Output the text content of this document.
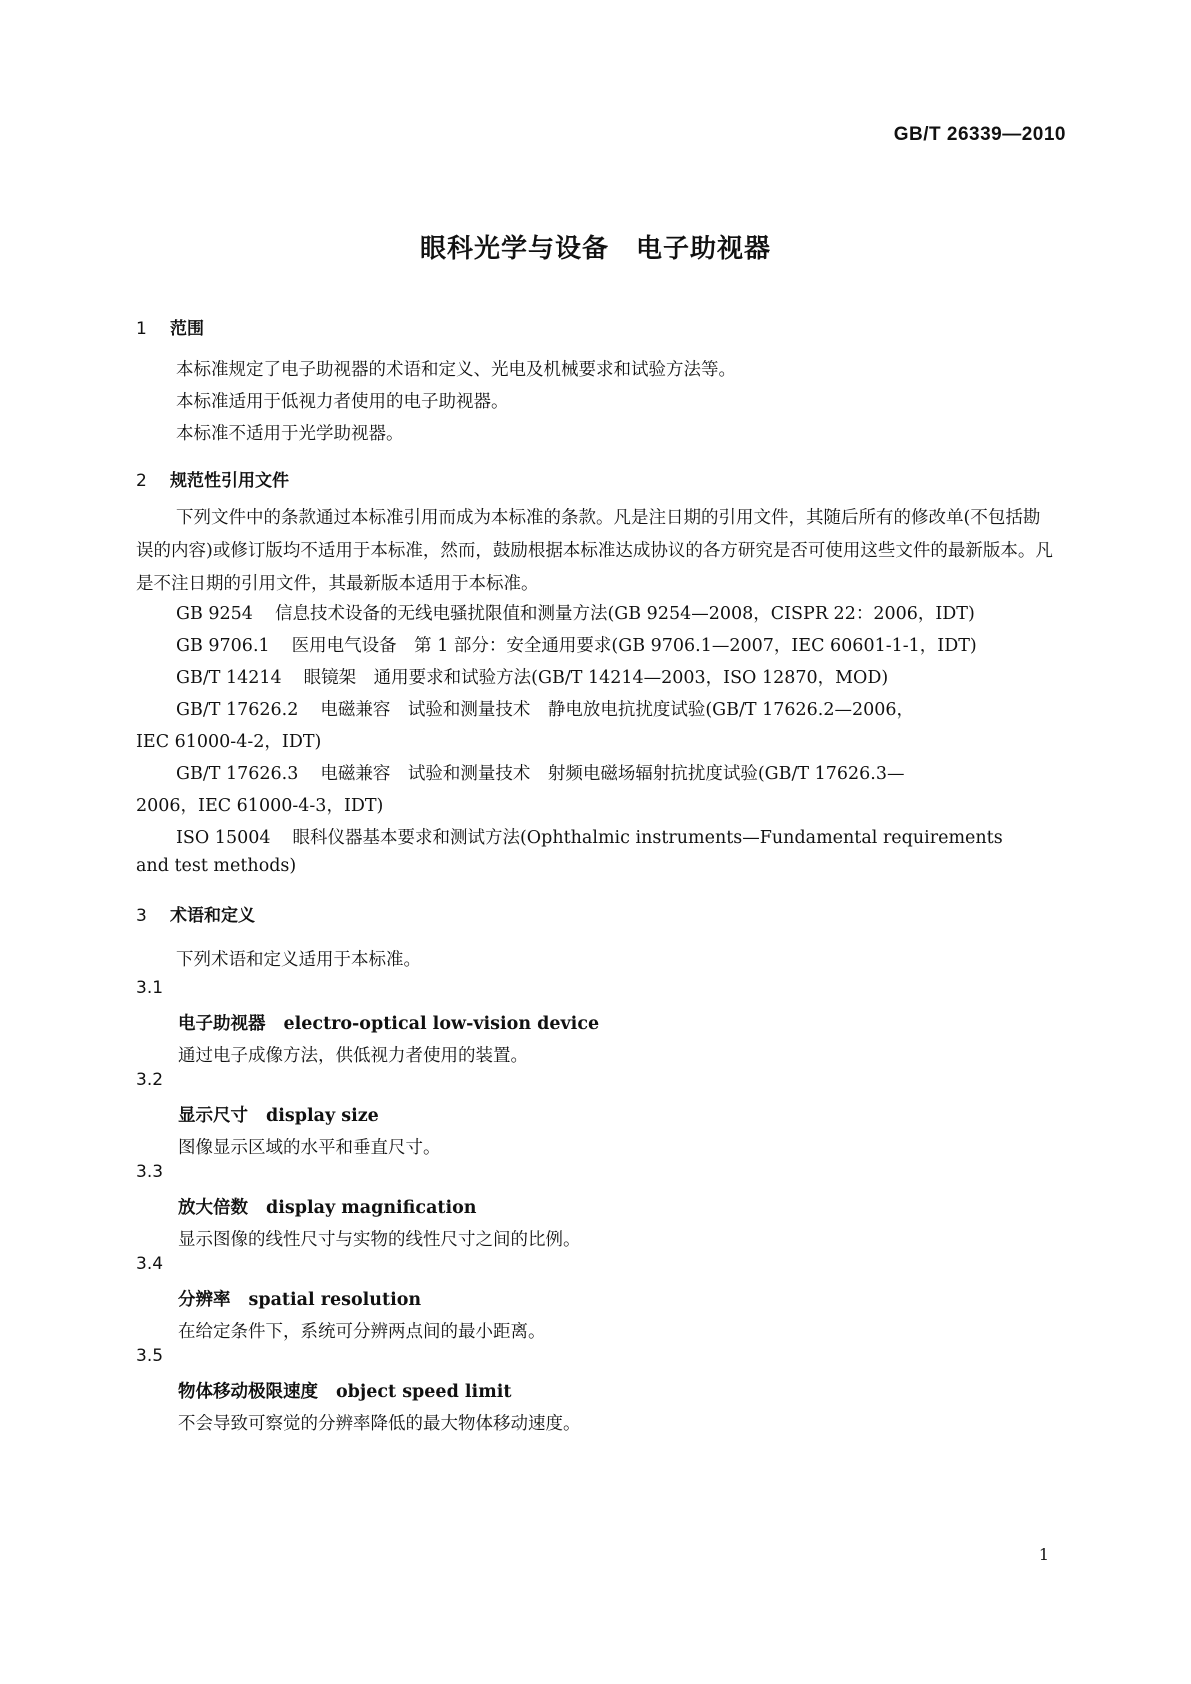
GB/T 26339—2010
眼科光学与设备　电子助视器
1 范围
本标准规定了电子助视器的术语和定义、光电及机械要求和试验方法等。
本标准适用于低视力者使用的电子助视器。
本标准不适用于光学助视器。
2 规范性引用文件
下列文件中的条款通过本标准引用而成为本标准的条款。凡是注日期的引用文件，其随后所有的修改单(不包括勘误的内容)或修订版均不适用于本标准，然而，鼓励根据本标准达成协议的各方研究是否可使用这些文件的最新版本。凡是不注日期的引用文件，其最新版本适用于本标准。
GB 9254 信息技术设备的无线电骚扰限值和测量方法(GB 9254—2008，CISPR 22：2006，IDT)
GB 9706.1 医用电气设备　第 1 部分：安全通用要求(GB 9706.1—2007，IEC 60601-1-1，IDT)
GB/T 14214 眼镜架　通用要求和试验方法(GB/T 14214—2003，ISO 12870，MOD)
GB/T 17626.2 电磁兼容　试验和测量技术　静电放电抗扰度试验(GB/T 17626.2—2006，
IEC 61000-4-2，IDT)
GB/T 17626.3 电磁兼容　试验和测量技术　射频电磁场辐射抗扰度试验(GB/T 17626.3—
2006，IEC 61000-4-3，IDT)
ISO 15004 眼科仪器基本要求和测试方法(Ophthalmic instruments—Fundamental requirements
and test methods)
3 术语和定义
下列术语和定义适用于本标准。
3.1
电子助视器 electro-optical low-vision device
通过电子成像方法，供低视力者使用的装置。
3.2
显示尺寸 display size
图像显示区域的水平和垂直尺寸。
3.3
放大倍数 display magnification
显示图像的线性尺寸与实物的线性尺寸之间的比例。
3.4
分辨率 spatial resolution
在给定条件下，系统可分辨两点间的最小距离。
3.5
物体移动极限速度 object speed limit
不会导致可察觉的分辨率降低的最大物体移动速度。
1
